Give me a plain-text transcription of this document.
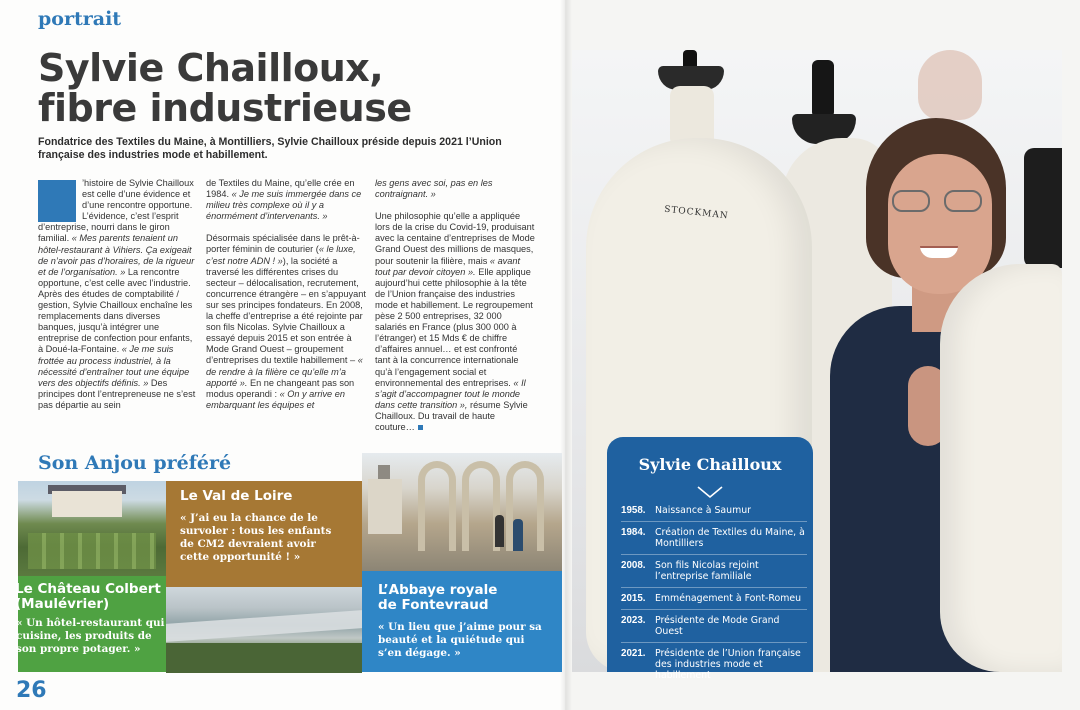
portrait
Sylvie Chailloux,
fibre industrieuse

Fondatrice des Textiles du Maine, à Montilliers, Sylvie Chailloux préside depuis 2021 l’Union française des industries mode et habillement.

’histoire de Sylvie Chailloux est celle d’une évidence et d’une rencontre opportune. L’évidence, c’est l’esprit d’entreprise, nourri dans le giron familial. « Mes parents tenaient un hôtel-restaurant à Vihiers. Ça exigeait de n’avoir pas d’horaires, de la rigueur et de l’organisation. » La rencontre opportune, c’est celle avec l’industrie. Après des études de comptabilité / gestion, Sylvie Chailloux enchaîne les remplacements dans diverses banques, jusqu’à intégrer une entreprise de confection pour enfants, à Doué-la-Fontaine. « Je me suis frottée au process industriel, à la nécessité d’entraîner tout une équipe vers des objectifs définis. » Des principes dont l’entrepreneuse ne s’est pas départie au sein

de Textiles du Maine, qu’elle crée en 1984. « Je me suis immergée dans ce milieu très complexe où il y a énormément d’intervenants. »

Désormais spécialisée dans le prêt-à-porter féminin de couturier (« le luxe, c’est notre ADN ! »), la société a traversé les différentes crises du secteur – délocalisation, recrutement, concurrence étrangère – en s’appuyant sur ses principes fondateurs. En 2008, la cheffe d’entreprise a été rejointe par son fils Nicolas. Sylvie Chailloux a essayé depuis 2015 et son entrée à Mode Grand Ouest – groupement d’entreprises du textile habillement – « de rendre à la filière ce qu’elle m’a apporté ». En ne changeant pas son modus operandi : « On y arrive en embarquant les équipes et

les gens avec soi, pas en les contraignant. »

Une philosophie qu’elle a appliquée lors de la crise du Covid-19, produisant avec la centaine d’entreprises de Mode Grand Ouest des millions de masques, pour soutenir la filière, mais « avant tout par devoir citoyen ». Elle applique aujourd’hui cette philosophie à la tête de l’Union française des industries mode et habillement. Le regroupement pèse 2 500 entreprises, 32 000 salariés en France (plus 300 000 à l’étranger) et 15 Mds € de chiffre d’affaires annuel… et est confronté tant à la concurrence internationale qu’à l’engagement social et environnemental des entreprises. « Il s’agit d’accompagner tout le monde dans cette transition », résume Sylvie Chailloux. Du travail de haute couture…

Son Anjou préféré
Le Val de Loire

« J’ai eu la chance de le survoler : tous les enfants de CM2 devraient avoir cette opportunité ! »

Le Château Colbert
(Maulévrier)

« Un hôtel-restaurant qui cuisine, les produits de son propre potager. »

L’Abbaye royale
de Fontevraud

« Un lieu que j’aime pour sa beauté et la quiétude qui s’en dégage. »

26
STOCKMAN
Sylvie Chailloux
1958.	Naissance à Saumur
1984.	Création de Textiles du Maine, à Montilliers
2008.	Son fils Nicolas rejoint l’entreprise familiale
2015.	Emménagement à Font-Romeu
2023.	Présidente de Mode Grand Ouest
2021.	Présidente de l’Union française des industries mode et habillement
